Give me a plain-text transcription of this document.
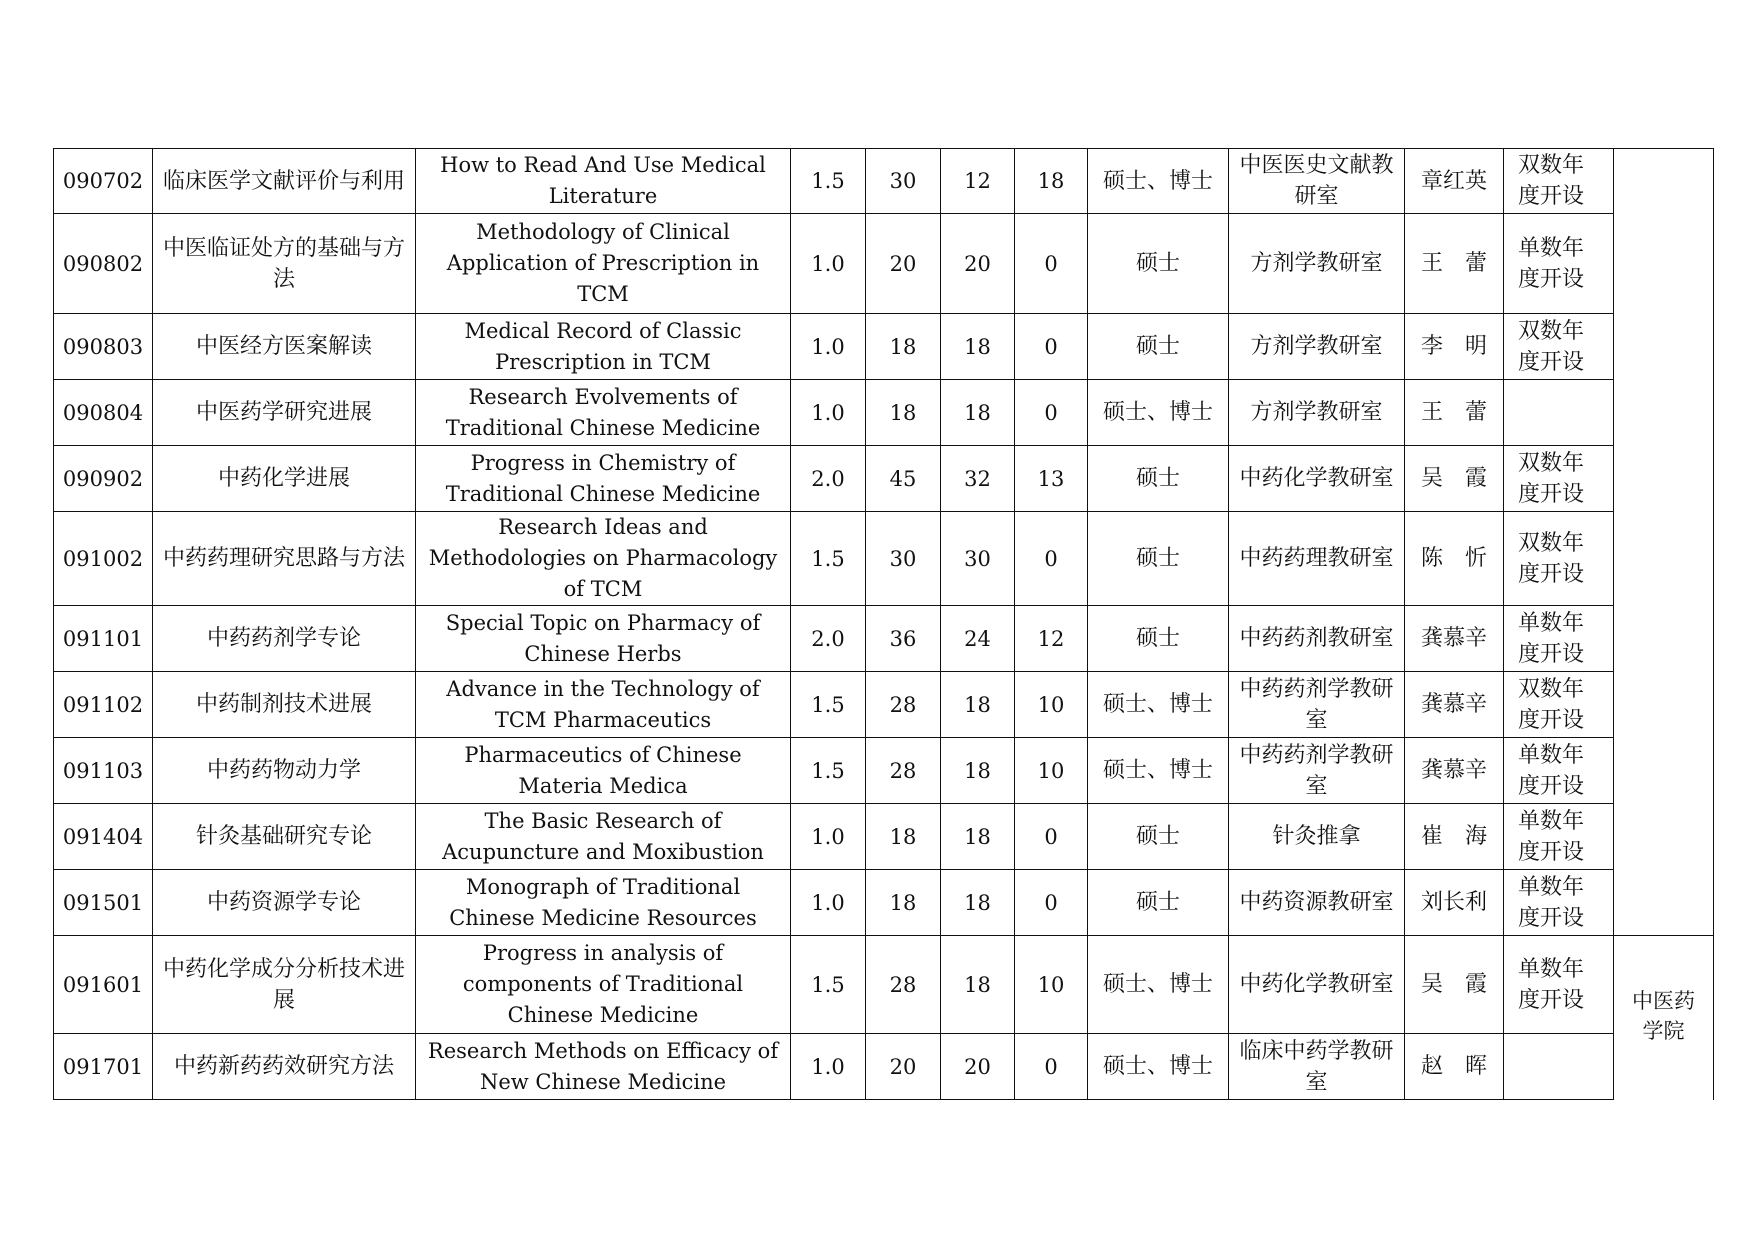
090702	临床医学文献评价与利用	How to Read And Use Medical Literature	1.5	30	12	18	硕士、博士	中医医史文献教研室	章红英	双数年度开设	
090802	中医临证处方的基础与方法	Methodology of Clinical Application of Prescription in TCM	1.0	20	20	0	硕士	方剂学教研室	王　蕾	单数年度开设	
090803	中医经方医案解读	Medical Record of Classic Prescription in TCM	1.0	18	18	0	硕士	方剂学教研室	李　明	双数年度开设	
090804	中医药学研究进展	Research Evolvements of Traditional Chinese Medicine	1.0	18	18	0	硕士、博士	方剂学教研室	王　蕾		
090902	中药化学进展	Progress in Chemistry of Traditional Chinese Medicine	2.0	45	32	13	硕士	中药化学教研室	吴　霞	双数年度开设	
091002	中药药理研究思路与方法	Research Ideas and Methodologies on Pharmacology of TCM	1.5	30	30	0	硕士	中药药理教研室	陈　忻	双数年度开设	
091101	中药药剂学专论	Special Topic on Pharmacy of Chinese Herbs	2.0	36	24	12	硕士	中药药剂教研室	龚慕辛	单数年度开设	
091102	中药制剂技术进展	Advance in the Technology of TCM Pharmaceutics	1.5	28	18	10	硕士、博士	中药药剂学教研室	龚慕辛	双数年度开设	
091103	中药药物动力学	Pharmaceutics of Chinese Materia Medica	1.5	28	18	10	硕士、博士	中药药剂学教研室	龚慕辛	单数年度开设	
091404	针灸基础研究专论	The Basic Research of Acupuncture and Moxibustion	1.0	18	18	0	硕士	针灸推拿	崔　海	单数年度开设	
091501	中药资源学专论	Monograph of Traditional Chinese Medicine Resources	1.0	18	18	0	硕士	中药资源教研室	刘长利	单数年度开设	
091601	中药化学成分分析技术进展	Progress in analysis of components of Traditional Chinese Medicine	1.5	28	18	10	硕士、博士	中药化学教研室	吴　霞	单数年度开设	中医药学院
091701	中药新药药效研究方法	Research Methods on Efficacy of New Chinese Medicine	1.0	20	20	0	硕士、博士	临床中药学教研室	赵　晖		
